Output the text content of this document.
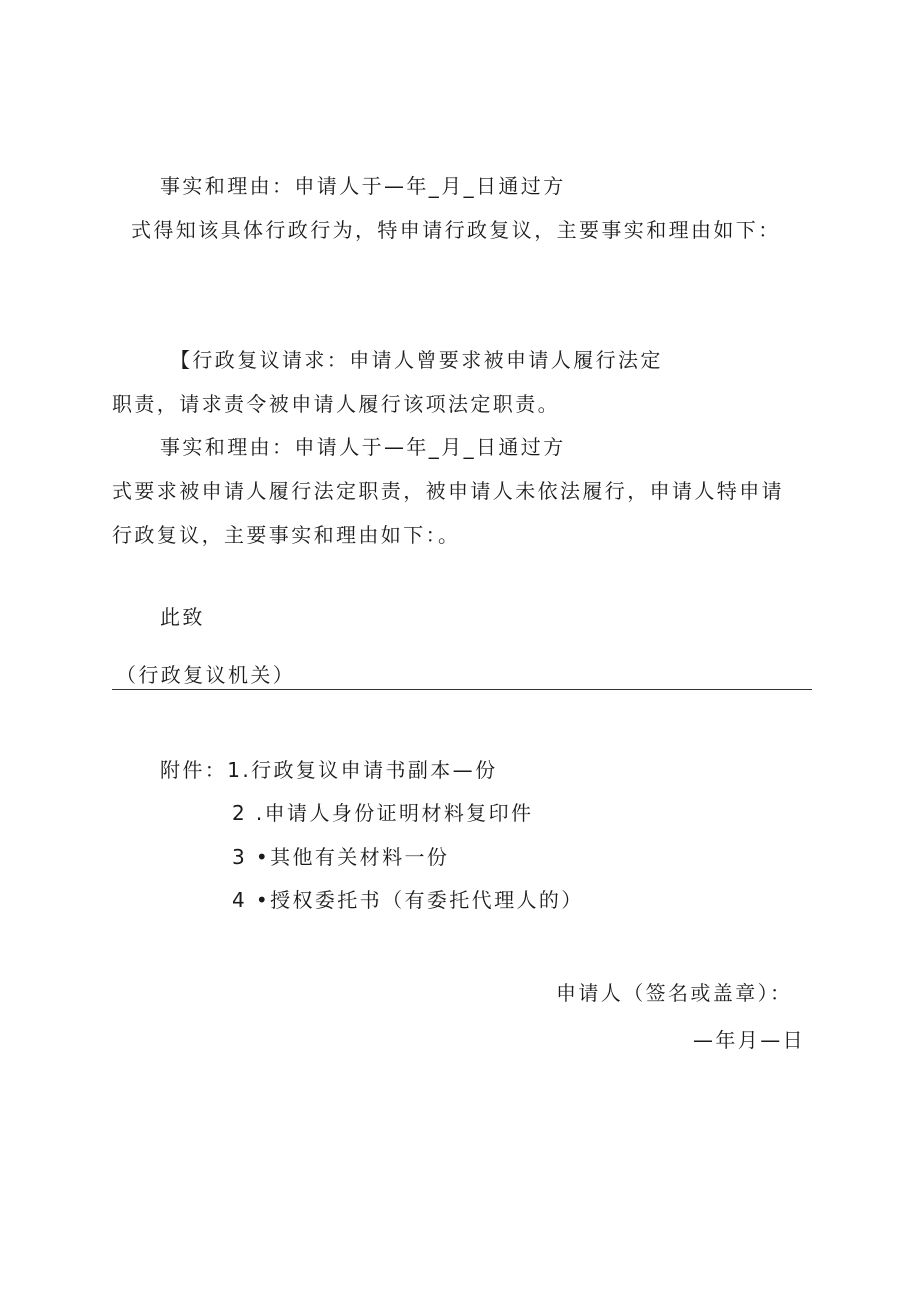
事实和理由：申请人于—年_月_日通过方
式得知该具体行政行为，特申请行政复议，主要事实和理由如下：
【行政复议请求：申请人曾要求被申请人履行法定
职责，请求责令被申请人履行该项法定职责。
事实和理由：申请人于—年_月_日通过方
式要求被申请人履行法定职责，被申请人未依法履行，申请人特申请
行政复议，主要事实和理由如下：。
此致
（行政复议机关）
附件：1.行政复议申请书副本—份
2 .申请人身份证明材料复印件
3 •其他有关材料一份
4 •授权委托书（有委托代理人的）
申请人（签名或盖章）：
—年月—日
